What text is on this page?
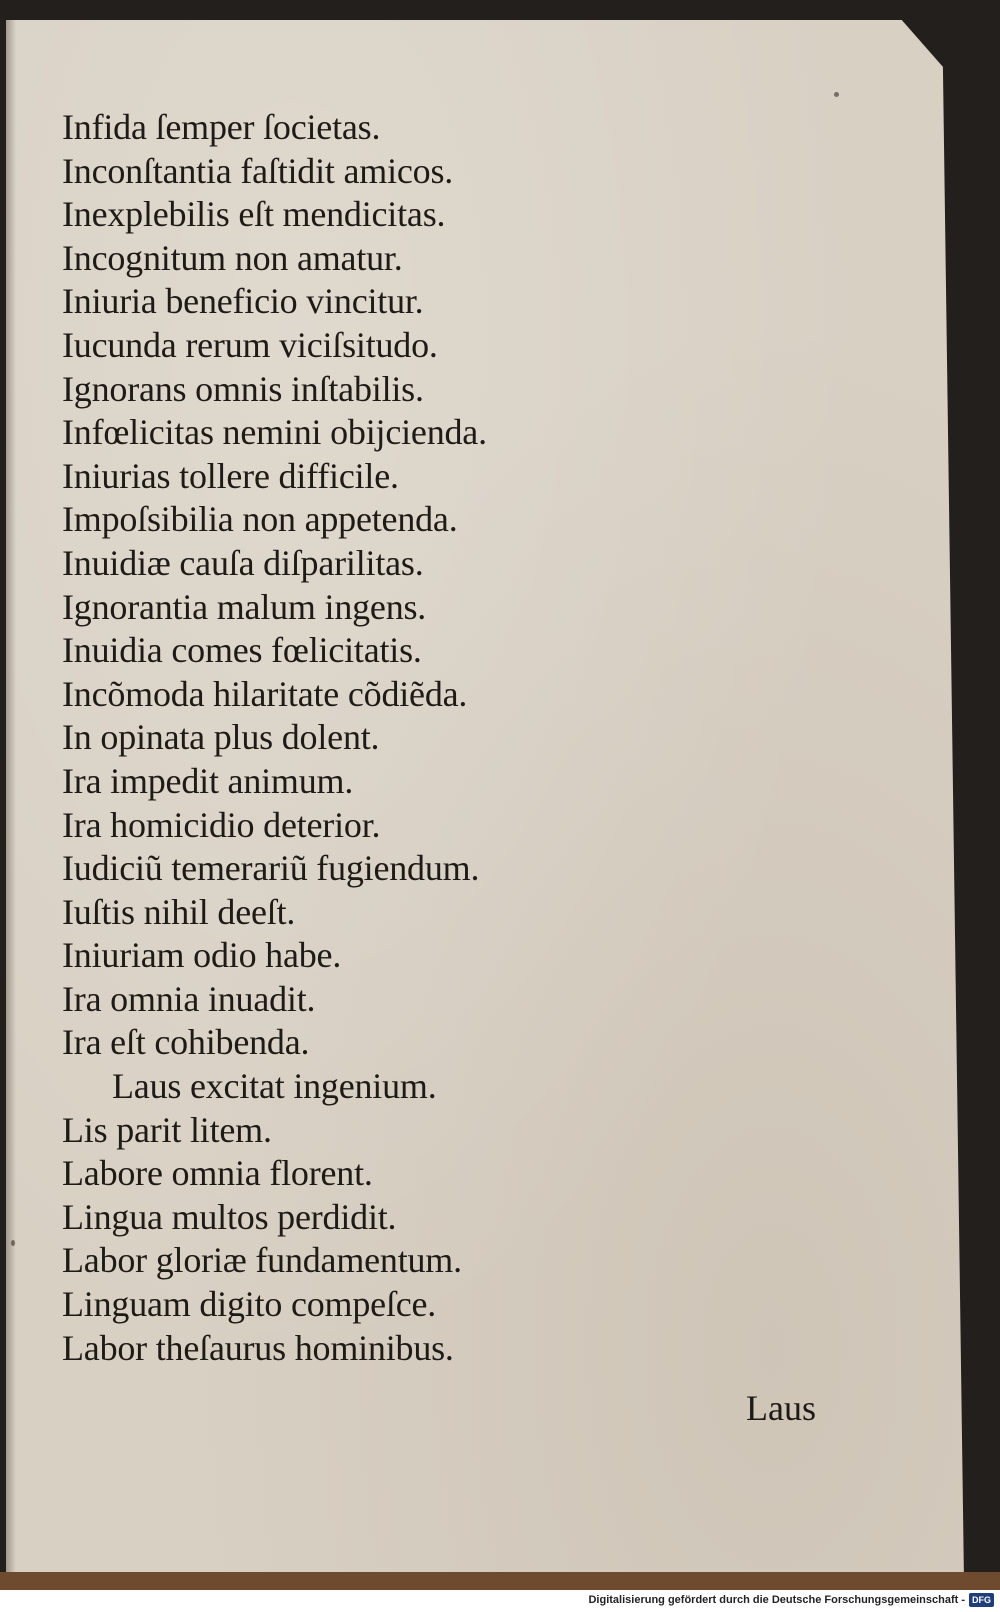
Infida ſemper ſocietas.
Inconſtantia faſtidit amicos.
Inexplebilis eſt mendicitas.
Incognitum non amatur.
Iniuria beneficio vincitur.
Iucunda rerum viciſsitudo.
Ignorans omnis inſtabilis.
Infœlicitas nemini obijcienda.
Iniurias tollere difficile.
Impoſsibilia non appetenda.
Inuidiæ cauſa diſparilitas.
Ignorantia malum ingens.
Inuidia comes fœlicitatis.
Incõmoda hilaritate cõdiẽda.
In opinata plus dolent.
Ira impedit animum.
Ira homicidio deterior.
Iudiciũ temerariũ fugiendum.
Iuſtis nihil deeſt.
Iniuriam odio habe.
Ira omnia inuadit.
Ira eſt cohibenda.
Laus excitat ingenium.
Lis parit litem.
Labore omnia florent.
Lingua multos perdidit.
Labor gloriæ fundamentum.
Linguam digito compeſce.
Labor theſaurus hominibus.
Laus
Digitalisierung gefördert durch die Deutsche Forschungsgemeinschaft - DFG
